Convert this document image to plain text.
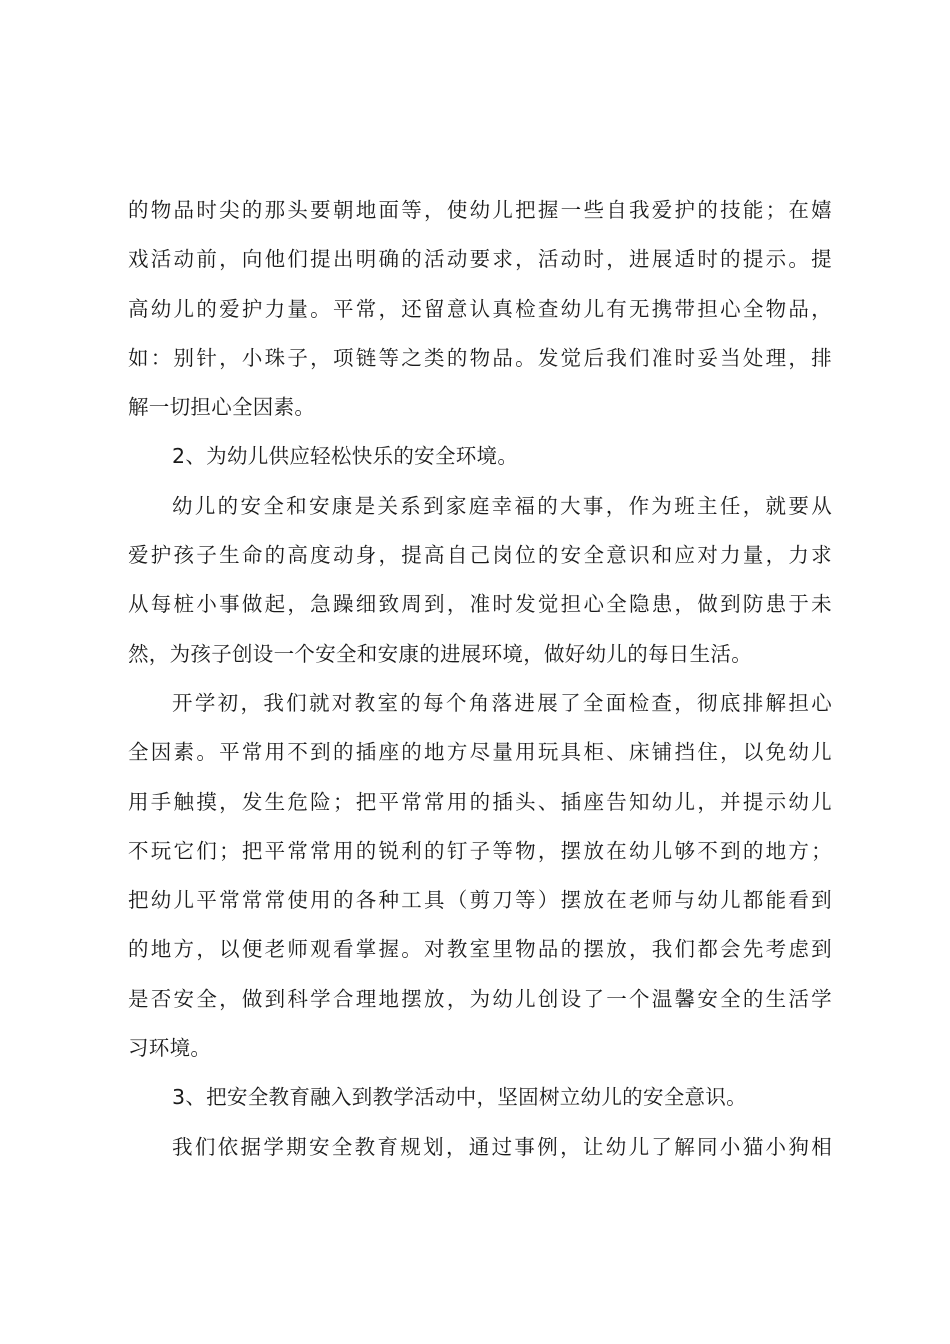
的物品时尖的那头要朝地面等，使幼儿把握一些自我爱护的技能；在嬉
戏活动前，向他们提出明确的活动要求，活动时，进展适时的提示。提
高幼儿的爱护力量。平常，还留意认真检查幼儿有无携带担心全物品，
如：别针，小珠子，项链等之类的物品。发觉后我们准时妥当处理，排
解一切担心全因素。
2、为幼儿供应轻松快乐的安全环境。
幼儿的安全和安康是关系到家庭幸福的大事，作为班主任，就要从
爱护孩子生命的高度动身，提高自己岗位的安全意识和应对力量，力求
从每桩小事做起，急躁细致周到，准时发觉担心全隐患，做到防患于未
然，为孩子创设一个安全和安康的进展环境，做好幼儿的每日生活。
开学初，我们就对教室的每个角落进展了全面检查，彻底排解担心
全因素。平常用不到的插座的地方尽量用玩具柜、床铺挡住，以免幼儿
用手触摸，发生危险；把平常常用的插头、插座告知幼儿，并提示幼儿
不玩它们；把平常常用的锐利的钉子等物，摆放在幼儿够不到的地方；
把幼儿平常常常使用的各种工具（剪刀等）摆放在老师与幼儿都能看到
的地方，以便老师观看掌握。对教室里物品的摆放，我们都会先考虑到
是否安全，做到科学合理地摆放，为幼儿创设了一个温馨安全的生活学
习环境。
3、把安全教育融入到教学活动中，坚固树立幼儿的安全意识。
我们依据学期安全教育规划，通过事例，让幼儿了解同小猫小狗相
